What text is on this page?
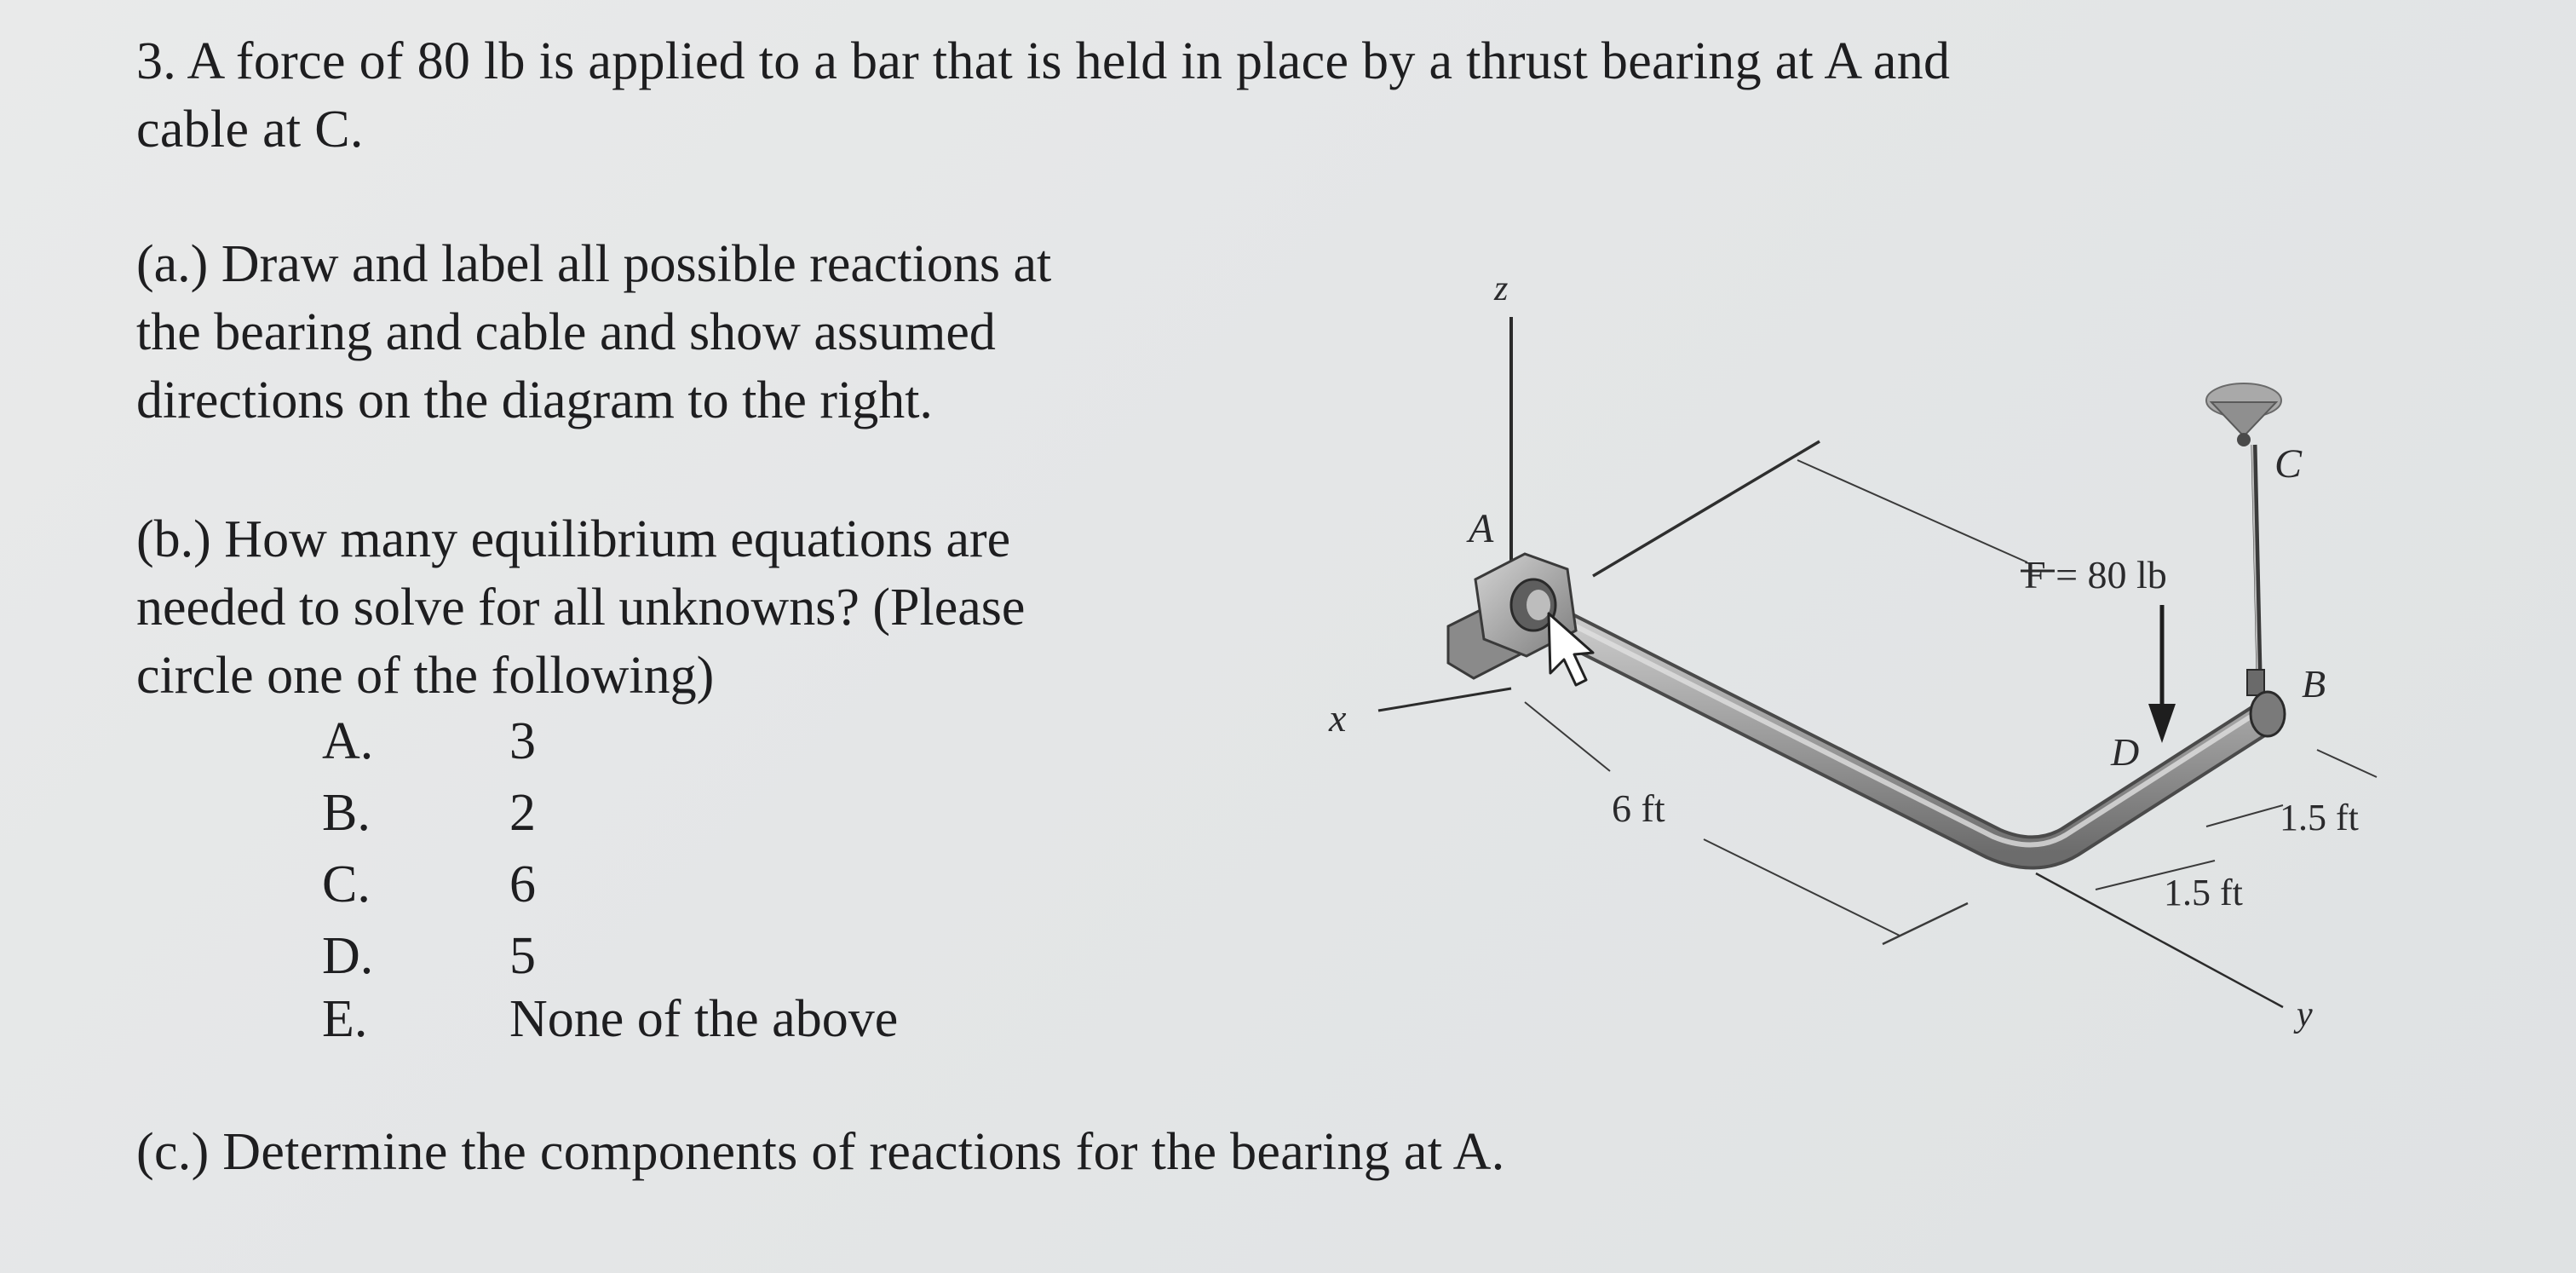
3. A force of 80 lb is applied to a bar that is held in place by a thrust bearing at A and

cable at C.

(a.) Draw and label all possible reactions at
the bearing and cable and show assumed
directions on the diagram to the right.
(b.) How many equilibrium equations are
needed to solve for all unknowns? (Please
circle one of the following)
A.	3
B.	2
C.	6
D.	5
E.	None of the above

(c.) Determine the components of reactions for the bearing at A.

z
x
y
6 ft
1.5 ft
1.5 ft
A
C
B
F = 80 lb
D
